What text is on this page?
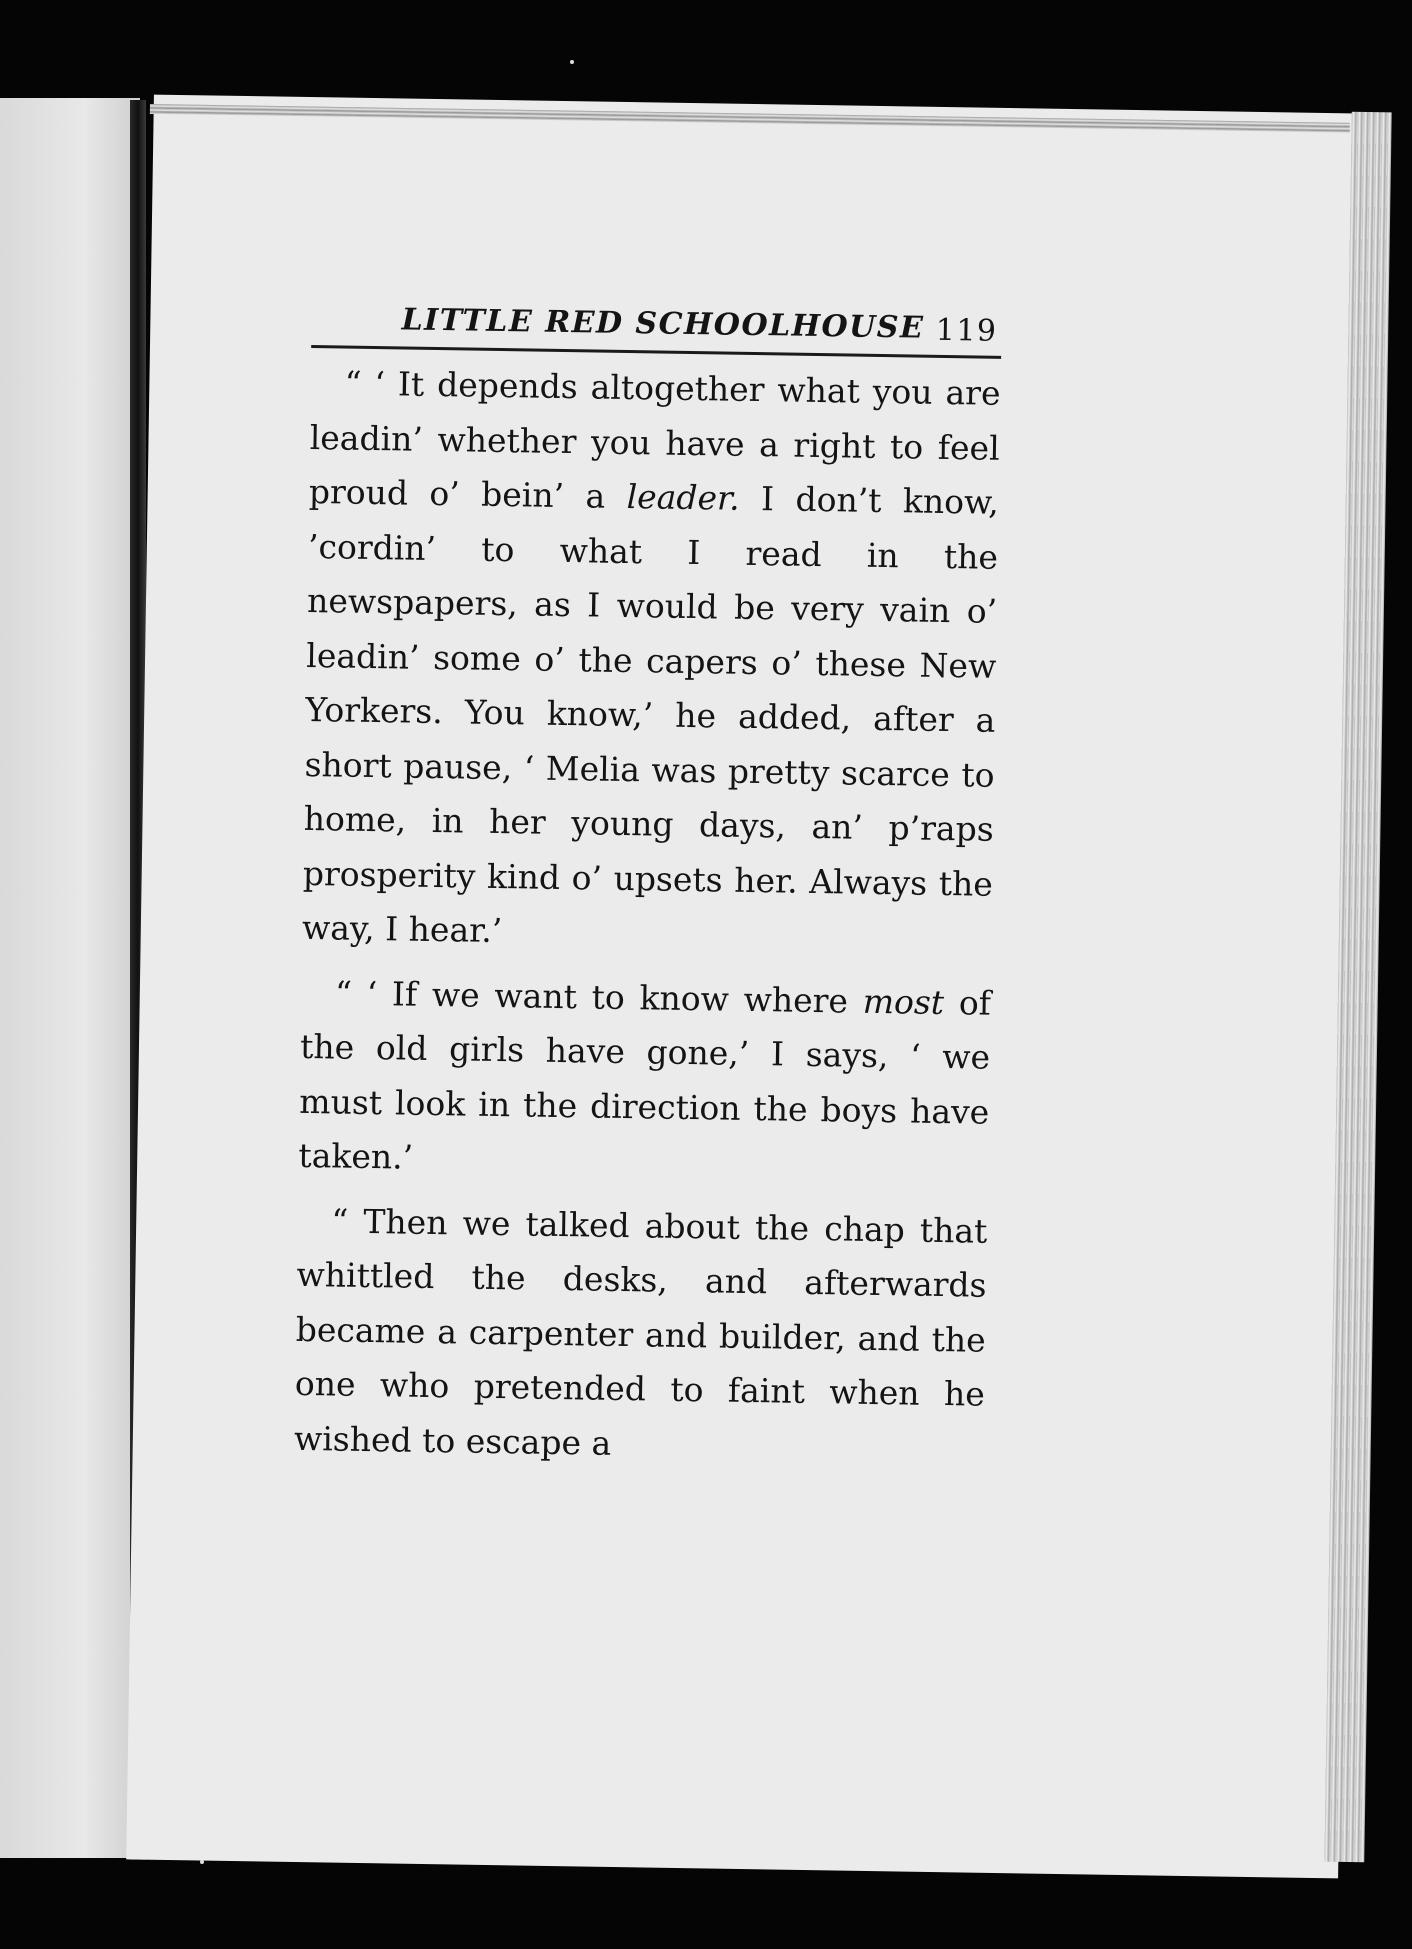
LITTLE RED SCHOOLHOUSE 119

“ ‘ It depends altogether what you are leadin’ whether you have a right to feel proud o’ bein’ a leader. I don’t know, ’cordin’ to what I read in the newspapers, as I would be very vain o’ leadin’ some o’ the capers o’ these New Yorkers. You know,’ he added, after a short pause, ‘ Melia was pretty scarce to home, in her young days, an’ p’raps prosperity kind o’ upsets her. Always the way, I hear.’

“ ‘ If we want to know where most of the old girls have gone,’ I says, ‘ we must look in the direction the boys have taken.’

“ Then we talked about the chap that whittled the desks, and afterwards became a carpenter and builder, and the one who pretended to faint when he wished to escape a
